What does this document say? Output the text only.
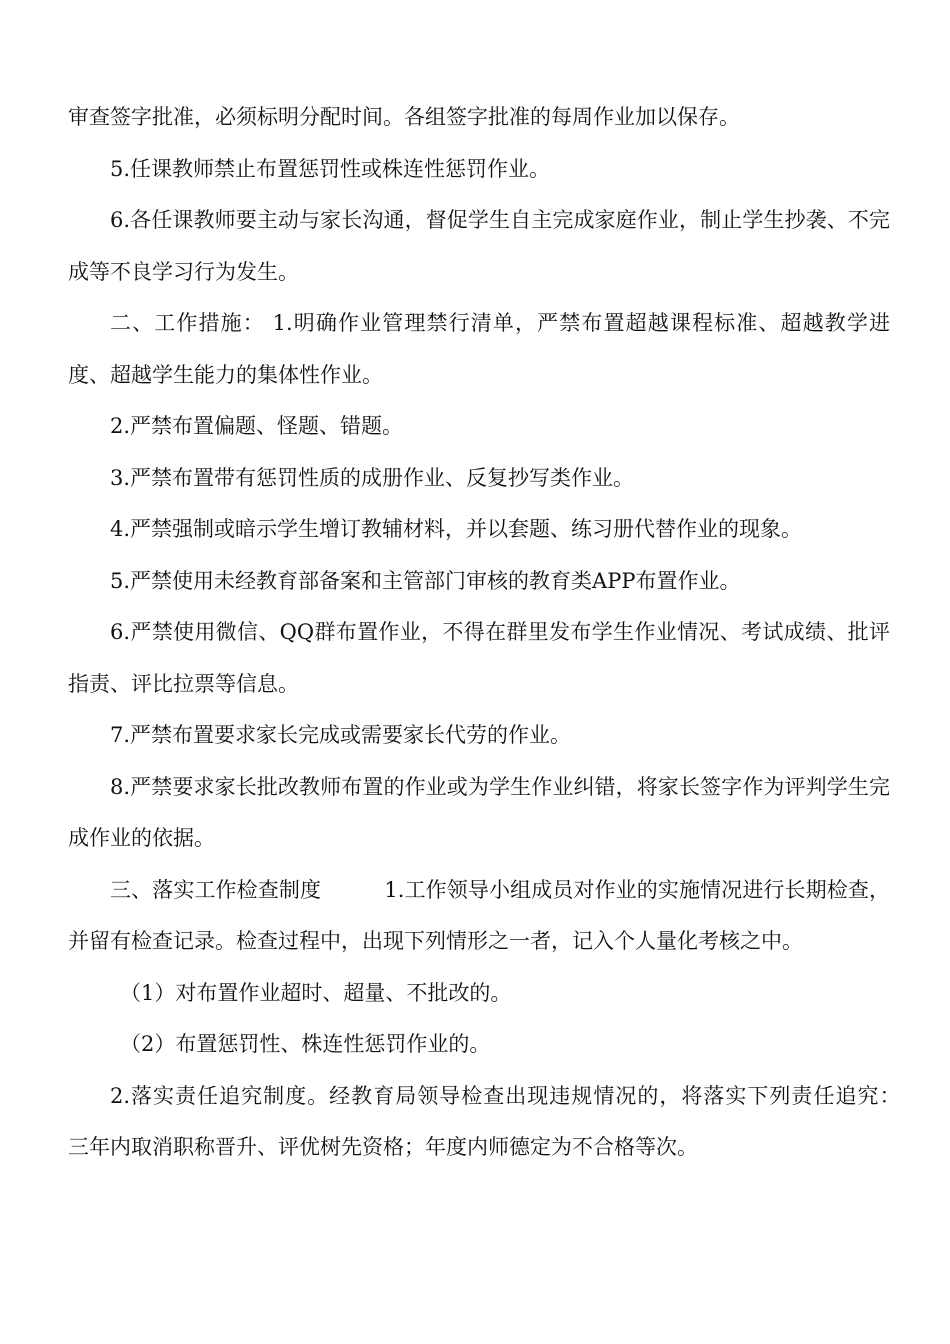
审查签字批准，必须标明分配时间。各组签字批准的每周作业加以保存。

5.任课教师禁止布置惩罚性或株连性惩罚作业。

6.各任课教师要主动与家长沟通，督促学生自主完成家庭作业，制止学生抄袭、不完成等不良学习行为发生。

二、工作措施： 1.明确作业管理禁行清单，严禁布置超越课程标准、超越教学进度、超越学生能力的集体性作业。

2.严禁布置偏题、怪题、错题。

3.严禁布置带有惩罚性质的成册作业、反复抄写类作业。

4.严禁强制或暗示学生增订教辅材料，并以套题、练习册代替作业的现象。

5.严禁使用未经教育部备案和主管部门审核的教育类APP布置作业。

6.严禁使用微信、QQ群布置作业，不得在群里发布学生作业情况、考试成绩、批评指责、评比拉票等信息。

7.严禁布置要求家长完成或需要家长代劳的作业。

8.严禁要求家长批改教师布置的作业或为学生作业纠错，将家长签字作为评判学生完成作业的依据。

三、落实工作检查制度　　　1.工作领导小组成员对作业的实施情况进行长期检查，并留有检查记录。检查过程中，出现下列情形之一者，记入个人量化考核之中。

（1）对布置作业超时、超量、不批改的。

（2）布置惩罚性、株连性惩罚作业的。

2.落实责任追究制度。经教育局领导检查出现违规情况的，将落实下列责任追究：　　三年内取消职称晋升、评优树先资格；年度内师德定为不合格等次。
